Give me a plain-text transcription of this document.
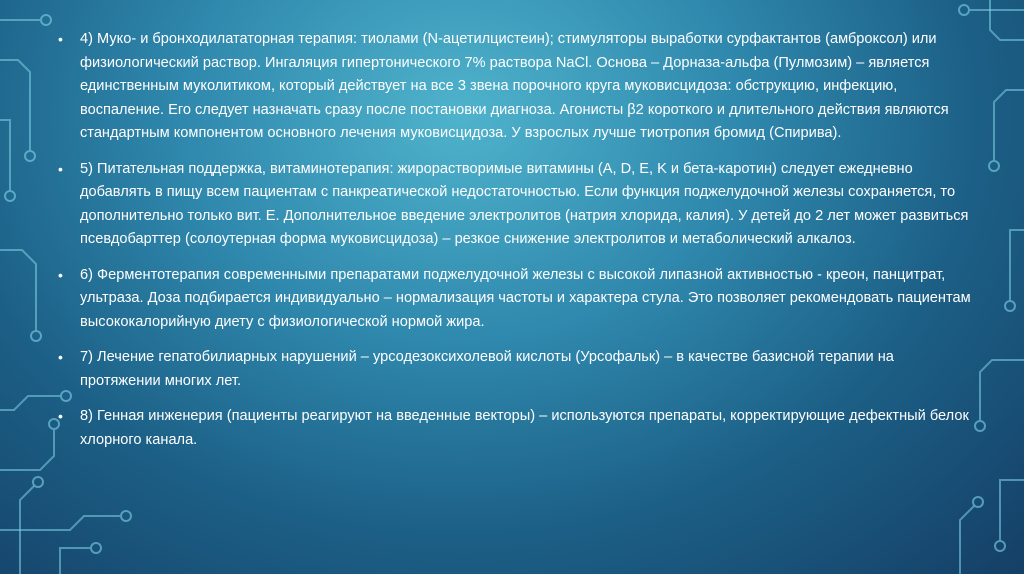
• 4) Муко- и бронходилататорная терапия: тиолами (N-ацетилцистеин); стимуляторы выработки сурфактантов (амброксол) или физиологический раствор. Ингаляция гипертонического 7% раствора NaCl. Основа – Дорназа-альфа (Пулмозим) – является единственным муколитиком, который действует на все 3 звена порочного круга муковисцидоза: обструкцию, инфекцию, воспаление. Его следует назначать сразу после постановки диагноза. Агонисты β2 короткого и длительного действия являются стандартным компонентом основного лечения муковисцидоза. У взрослых лучше тиотропия бромид (Спирива).
• 5) Питательная поддержка, витаминотерапия: жирорастворимые витамины (A, D, E, K и бета-каротин) следует ежедневно добавлять в пищу всем пациентам с панкреатической недостаточностью. Если функция поджелудочной железы сохраняется, то дополнительно только вит. Е. Дополнительное введение электролитов (натрия хлорида, калия). У детей до 2 лет может развиться псевдобарттер (солоутерная форма муковисцидоза) – резкое снижение электролитов и метаболический алкалоз.
• 6) Ферментотерапия современными препаратами поджелудочной железы с высокой липазной активностью - креон, панцитрат, ультраза. Доза подбирается индивидуально – нормализация частоты и характера стула. Это позволяет рекомендовать пациентам высококалорийную диету с физиологической нормой жира.
• 7) Лечение гепатобилиарных нарушений – урсодезоксихолевой кислоты (Урсофальк) – в качестве базисной терапии на протяжении многих лет.
• 8) Генная инженерия (пациенты реагируют на введенные векторы) – используются препараты, корректирующие дефектный белок хлорного канала.
